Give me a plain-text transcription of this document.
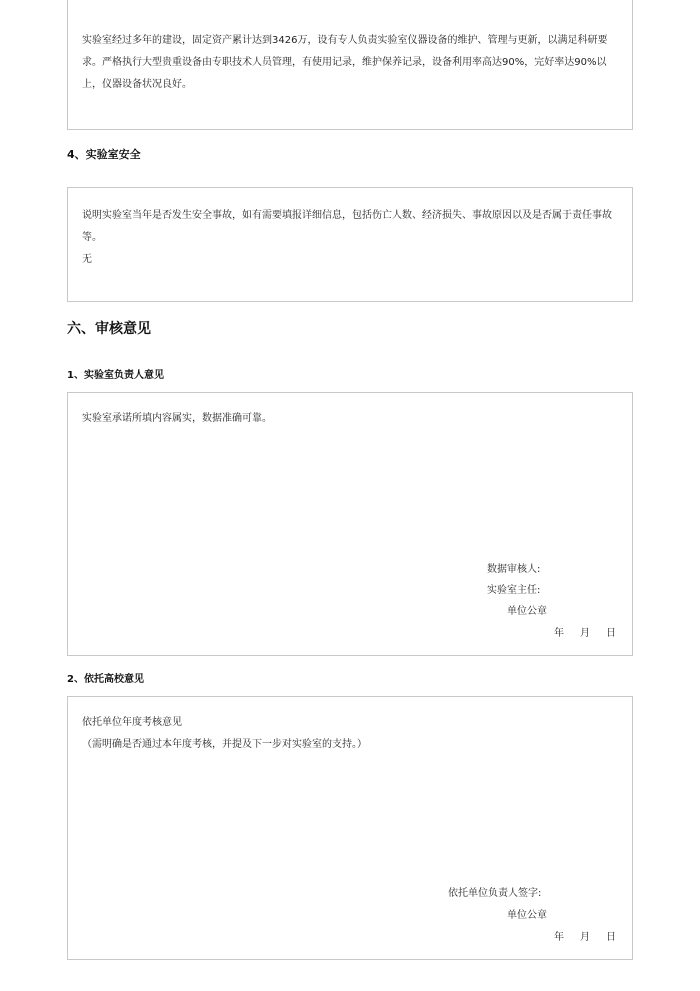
实验室经过多年的建设，固定资产累计达到3426万，设有专人负责实验室仪器设备的维护、管理与更新，以满足科研要 求。严格执行大型贵重设备由专职技术人员管理，有使用记录，维护保养记录，设备利用率高达90%，完好率达90%以 上，仪器设备状况良好。

4、实验室安全

说明实验室当年是否发生安全事故，如有需要填报详细信息，包括伤亡人数、经济损失、事故原因以及是否属于责任事故等。

无

六、审核意见
1、实验室负责人意见

实验室承诺所填内容属实，数据准确可靠。

数据审核人:
实验室主任:
单位公章
年 月 日
2、依托高校意见

依托单位年度考核意见

（需明确是否通过本年度考核，并提及下一步对实验室的支持。）

依托单位负责人签字:
单位公章
年 月 日
